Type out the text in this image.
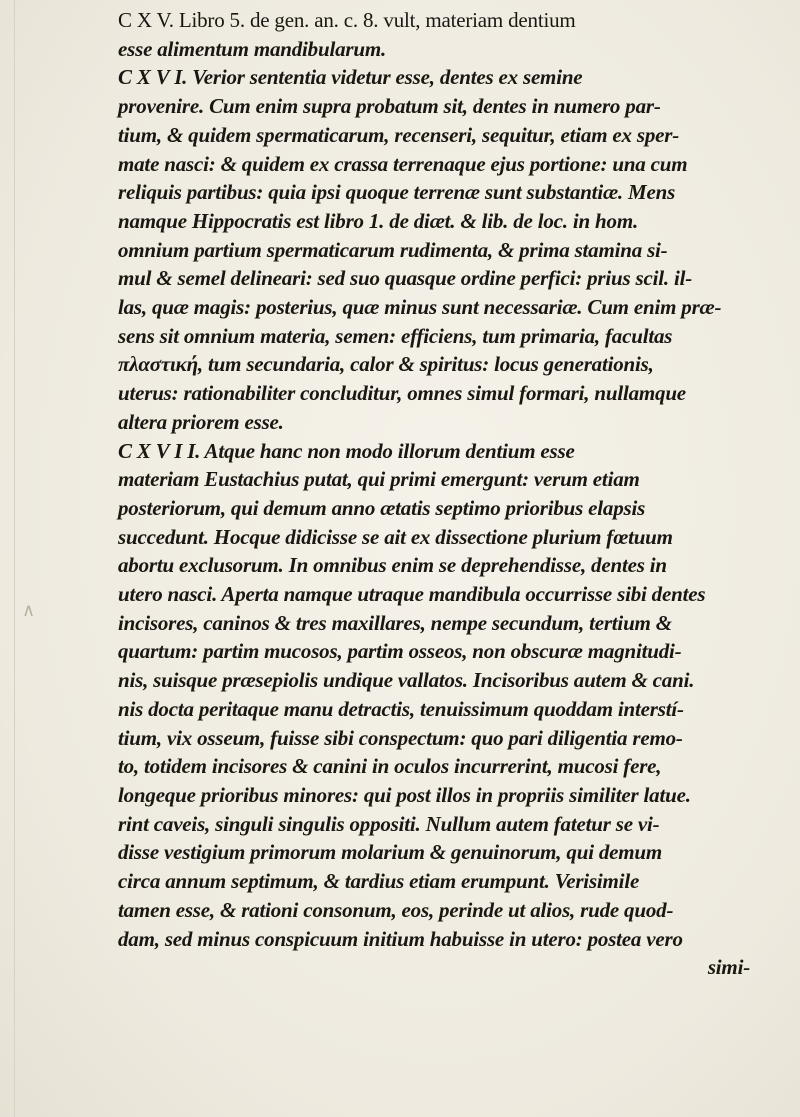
∧
C X V. Libro 5. de gen. an. c. 8. vult, materiam dentium
esse alimentum mandibularum.
C X V I. Verior sententia videtur esse, dentes ex semine
provenire. Cum enim supra probatum sit, dentes in numero par-
tium, & quidem spermaticarum, recenseri, sequitur, etiam ex sper-
mate nasci: & quidem ex crassa terrenaque ejus portione: una cum
reliquis partibus: quia ipsi quoque terrenæ sunt substantiæ. Mens
namque Hippocratis est libro 1. de diæt. & lib. de loc. in hom.
omnium partium spermaticarum rudimenta, & prima stamina si-
mul & semel delineari: sed suo quasque ordine perfici: prius scil. il-
las, quæ magis: posterius, quæ minus sunt necessariæ. Cum enim præ-
sens sit omnium materia, semen: efficiens, tum primaria, facultas
πλαστική, tum secundaria, calor & spiritus: locus generationis,
uterus: rationabiliter concluditur, omnes simul formari, nullamque
altera priorem esse.
C X V I I. Atque hanc non modo illorum dentium esse
materiam Eustachius putat, qui primi emergunt: verum etiam
posteriorum, qui demum anno ætatis septimo prioribus elapsis
succedunt. Hocque didicisse se ait ex dissectione plurium fœtuum
abortu exclusorum. In omnibus enim se deprehendisse, dentes in
utero nasci. Aperta namque utraque mandibula occurrisse sibi dentes
incisores, caninos & tres maxillares, nempe secundum, tertium &
quartum: partim mucosos, partim osseos, non obscuræ magnitudi-
nis, suisque præsepiolis undique vallatos. Incisoribus autem & cani.
nis docta peritaque manu detractis, tenuissimum quoddam interstí-
tium, vix osseum, fuisse sibi conspectum: quo pari diligentia remo-
to, totidem incisores & canini in oculos incurrerint, mucosi fere,
longeque prioribus minores: qui post illos in propriis similiter latue.
rint caveis, singuli singulis oppositi. Nullum autem fatetur se vi-
disse vestigium primorum molarium & genuinorum, qui demum
circa annum septimum, & tardius etiam erumpunt. Verisimile
tamen esse, & rationi consonum, eos, perinde ut alios, rude quod-
dam, sed minus conspicuum initium habuisse in utero: postea vero
simi-
